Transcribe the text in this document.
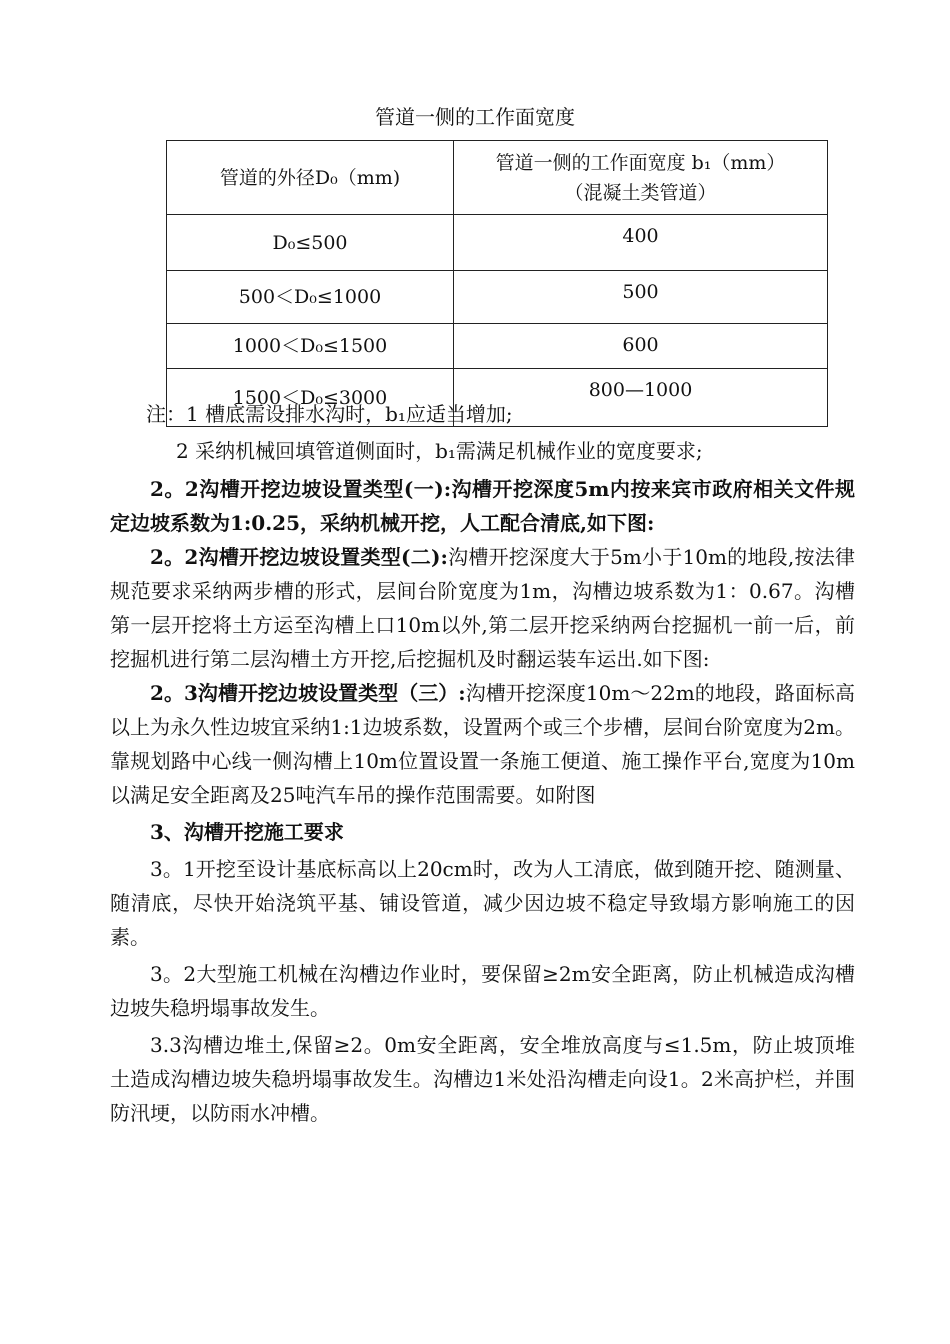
管道一侧的工作面宽度
管道的外径D₀（mm)	管道一侧的工作面宽度 b₁（mm）
（混凝土类管道）

D₀≤500	400
500＜D₀≤1000	500
1000＜D₀≤1500	600
1500＜D₀≤3000	800—1000
注：1 槽底需设排水沟时，b₁应适当增加;
2 采纳机械回填管道侧面时，b₁需满足机械作业的宽度要求;

2。2沟槽开挖边坡设置类型(一):沟槽开挖深度5m内按来宾市政府相关文件规定边坡系数为1:0.25，采纳机械开挖，人工配合清底,如下图:

2。2沟槽开挖边坡设置类型(二):沟槽开挖深度大于5m小于10m的地段,按法律规范要求采纳两步槽的形式，层间台阶宽度为1m，沟槽边坡系数为1：0.67。沟槽第一层开挖将土方运至沟槽上口10m以外,第二层开挖采纳两台挖掘机一前一后，前挖掘机进行第二层沟槽土方开挖,后挖掘机及时翻运装车运出.如下图:

2。3沟槽开挖边坡设置类型（三）:沟槽开挖深度10m～22m的地段，路面标高以上为永久性边坡宜采纳1:1边坡系数，设置两个或三个步槽，层间台阶宽度为2m。靠规划路中心线一侧沟槽上10m位置设置一条施工便道、施工操作平台,宽度为10m以满足安全距离及25吨汽车吊的操作范围需要。如附图

3、沟槽开挖施工要求

3。1开挖至设计基底标高以上20cm时，改为人工清底，做到随开挖、随测量、随清底，尽快开始浇筑平基、铺设管道，减少因边坡不稳定导致塌方影响施工的因素。

3。2大型施工机械在沟槽边作业时，要保留≥2m安全距离，防止机械造成沟槽边坡失稳坍塌事故发生。

3.3沟槽边堆土,保留≥2。0m安全距离，安全堆放高度与≤1.5m，防止坡顶堆土造成沟槽边坡失稳坍塌事故发生。沟槽边1米处沿沟槽走向设1。2米高护栏，并围防汛埂，以防雨水冲槽。
